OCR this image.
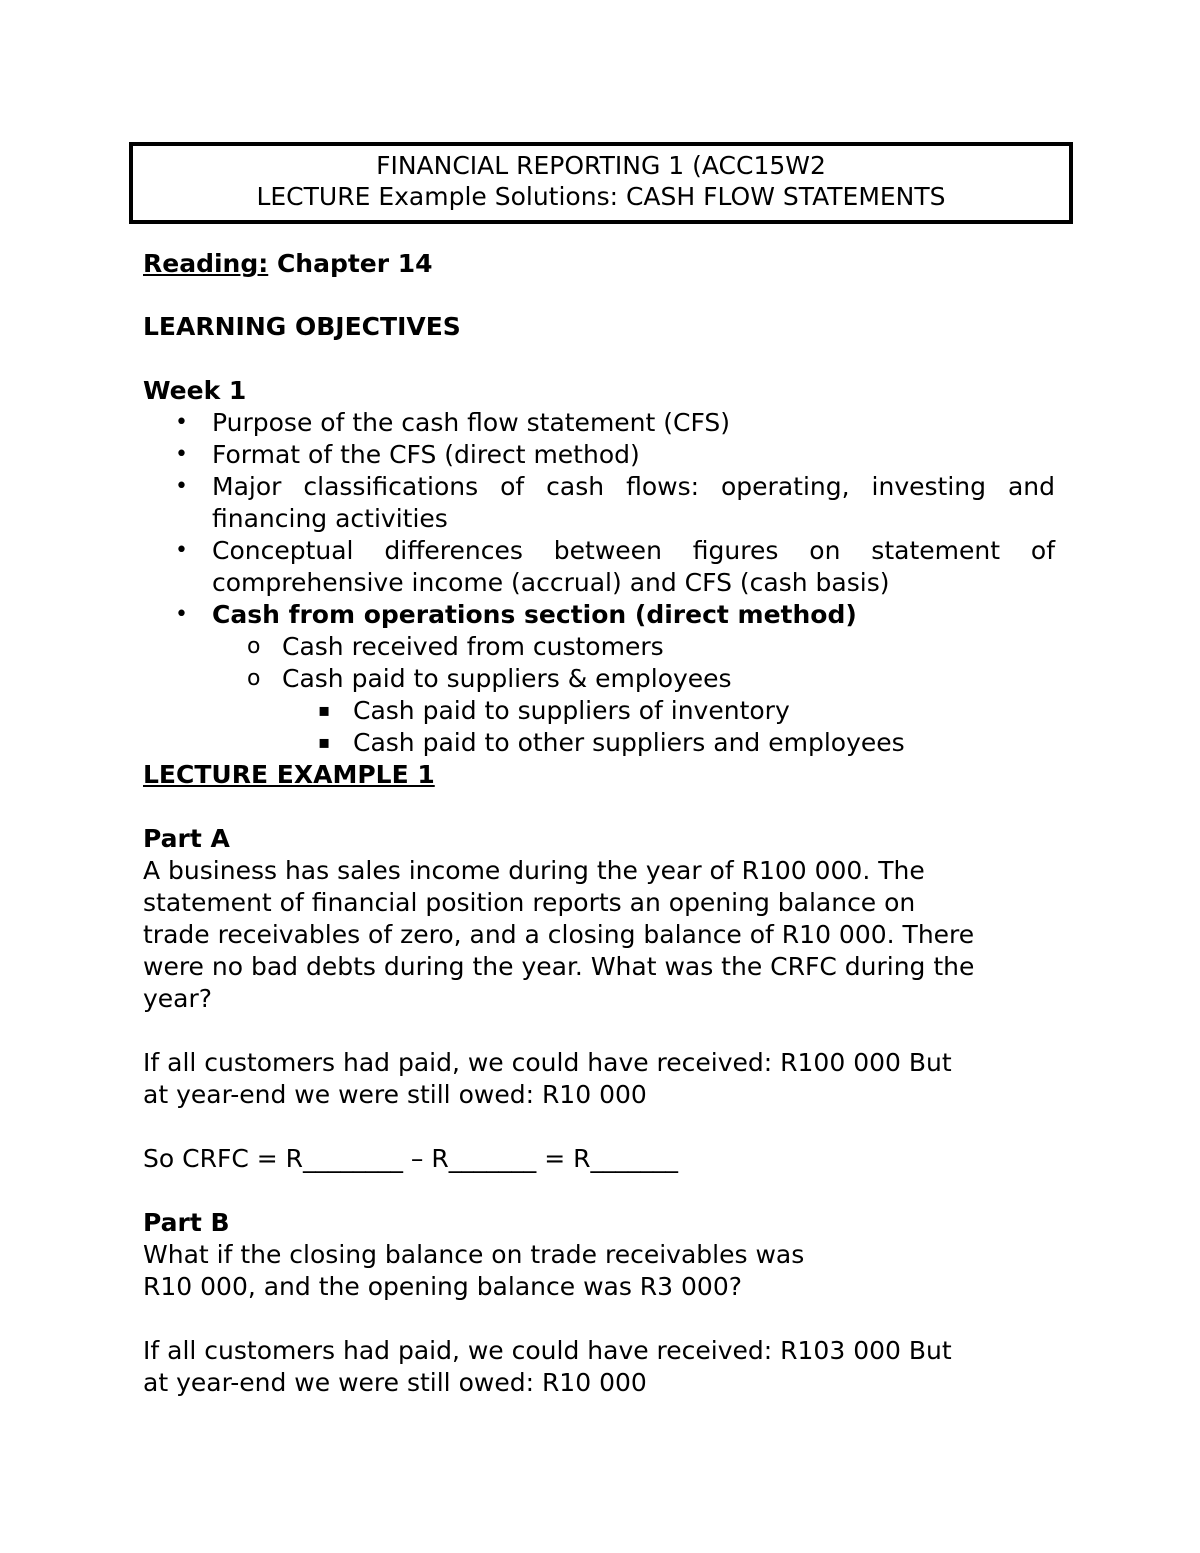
FINANCIAL REPORTING 1 (ACC15W2
LECTURE Example Solutions: CASH FLOW STATEMENTS

Reading: Chapter 14

LEARNING OBJECTIVES

Week 1

• Purpose of the cash flow statement (CFS)
• Format of the CFS (direct method)
• Major classifications of cash flows: operating, investing and
financing activities
• Conceptual differences between figures on statement of
comprehensive income (accrual) and CFS (cash basis)
• Cash from operations section (direct method)
o Cash received from customers
o Cash paid to suppliers & employees
▪ Cash paid to suppliers of inventory
▪ Cash paid to other suppliers and employees

LECTURE EXAMPLE 1

Part A

A business has sales income during the year of R100 000. The

statement of financial position reports an opening balance on

trade receivables of zero, and a closing balance of R10 000. There

were no bad debts during the year. What was the CRFC during the

year?

If all customers had paid, we could have received: R100 000 But

at year-end we were still owed: R10 000

So CRFC = R________ – R_______ = R_______

Part B

What if the closing balance on trade receivables was

R10 000, and the opening balance was R3 000?

If all customers had paid, we could have received: R103 000 But

at year-end we were still owed: R10 000
